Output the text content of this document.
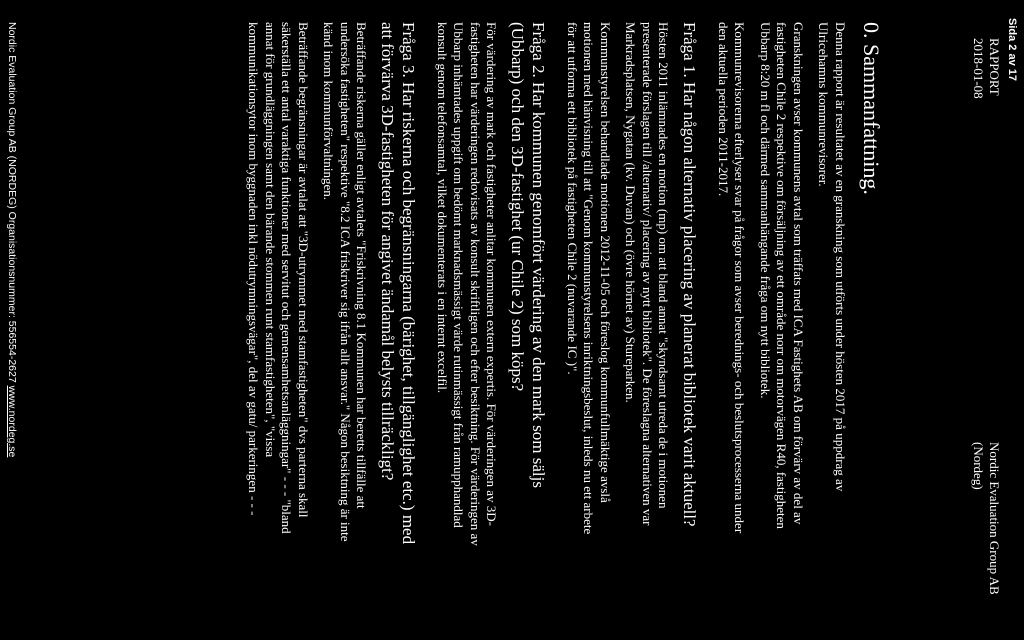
Sida 2 av 17
Nordic Evaluation Group AB
(Nordeg)
RAPPORT
2018-01-08
0. Sammanfattning.

Denna rapport är resultatet av en granskning som utförts under hösten 2017 på uppdrag av Ulricehamns kommunrevisorer.

Granskningen avser kommunens avtal som träffats med ICA Fastighets AB om förvärv av del av fastigheten Chile 2 respektive om försäljning av ett område norr om motorvägen R40, fastigheten Ubbarp 8:20 m fl och därmed sammanhängande fråga om nytt bibliotek.

Kommunrevisorerna efterlyser svar på frågor som avser berednings- och beslutsprocesserna under den aktuella perioden 2011-2017.

Fråga 1. Har någon alternativ placering av planerat bibliotek varit aktuell?

Hösten 2011 inlämnades en motion (mp) om att bland annat "skyndsamt utreda de i motionen presenterade förslagen till /alternativ/ placering av nytt bibliotek". De föreslagna alternativen var Markradsplatsen, Nygatan (kv. Duvan) och (övre hörnet av) Stureparken.

Kommunstyrelsen behandlade motionen 2012-11-05 och föreslog kommunfullmäktige avslå motionen med hänvisning till att "Genom kommunstyrelsens inriktningsbeslut, inleds nu ett arbete för att utforma ett bibliotek på fastigheten Chile 2 (nuvarande IC )".

Fråga 2. Har kommunen genomfört värdering av den mark som säljs (Ubbarp) och den 3D-fastighet (ur Chile 2) som köps?

För värdering av mark och fastigheter anlitar kommunen extern expertis. För värderingen av 3D-fastigheten har värderingen redovisats av konsult skriftligen och efter besiktning. För värderingen av Ubbarp inhämtades uppgift om bedömt marknadsmässigt värde rutinmässigt från ramupphandlad konsult genom telefonsamtal, vilket dokumenterats i en internt excelfil.

Fråga 3. Har riskerna och begränsningarna (bärighet, tillgänglighet etc.) med att förvärva 3D-fastigheten för angivet ändamål belysts tillräckligt?

Beträffande riskerna gäller enligt avtalets "Friskrivning 8.1 Kommunen har beretts tillfälle att undersöka fastigheten" respektive "8.2 ICA friskriver sig ifrån allt ansvar." Någon besiktning är inte känd inom kommunförvaltningen.

Beträffande begränsningar är avtalat att "3D-utrymmet med stamfastigheten" dvs parterna skall säkerställa ett antal varaktiga funktioner med servitut och gemensamhetsanläggningar" - - - "bland annat för grundläggningen samt den bärande stommen runt stamfastigheten", "vissa kommunikationsytor inom byggnaden inkl nödutrymningsvägar", del av gatu/ parkeringen - - -

Nordic Evaluation Group AB (NORDEG) Organisationsnummer: 556554-2627 www.nordeg.se
